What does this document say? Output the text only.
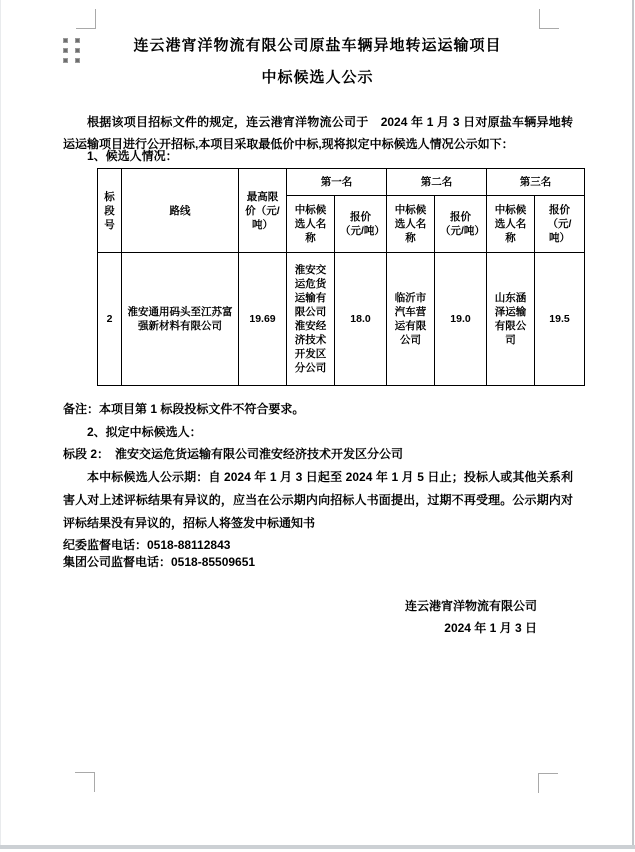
连云港宵洋物流有限公司原盐车辆异地转运运输项目
中标候选人公示
根据该项目招标文件的规定，连云港宵洋物流公司于　2024 年 1 月 3 日对原盐车辆异地转运运输项目进行公开招标,本项目采取最低价中标,现将拟定中标候选人情况公示如下：
1、候选人情况：
标段号	路线	最高限价（元/吨）	第一名		第二名		第三名	
			中标候选人名称	报价（元/吨）	中标候选人名称	报价（元/吨）	中标候选人名称	报价（元/吨）
2	淮安通用码头至江苏富强新材料有限公司	19.69	淮安交运危货运输有限公司淮安经济技术开发区分公司	18.0	临沂市汽车营运有限公司	19.0	山东涵泽运输有限公司	19.5
备注：本项目第 1 标段投标文件不符合要求。
2、拟定中标候选人：
标段 2： 淮安交运危货运输有限公司淮安经济技术开发区分公司
本中标候选人公示期：自 2024 年 1 月 3 日起至 2024 年 1 月 5 日止；投标人或其他关系利害人对上述评标结果有异议的，应当在公示期内向招标人书面提出，过期不再受理。公示期内对评标结果没有异议的，招标人将签发中标通知书
纪委监督电话：0518-88112843
集团公司监督电话：0518-85509651
连云港宵洋物流有限公司
2024 年 1 月 3 日
